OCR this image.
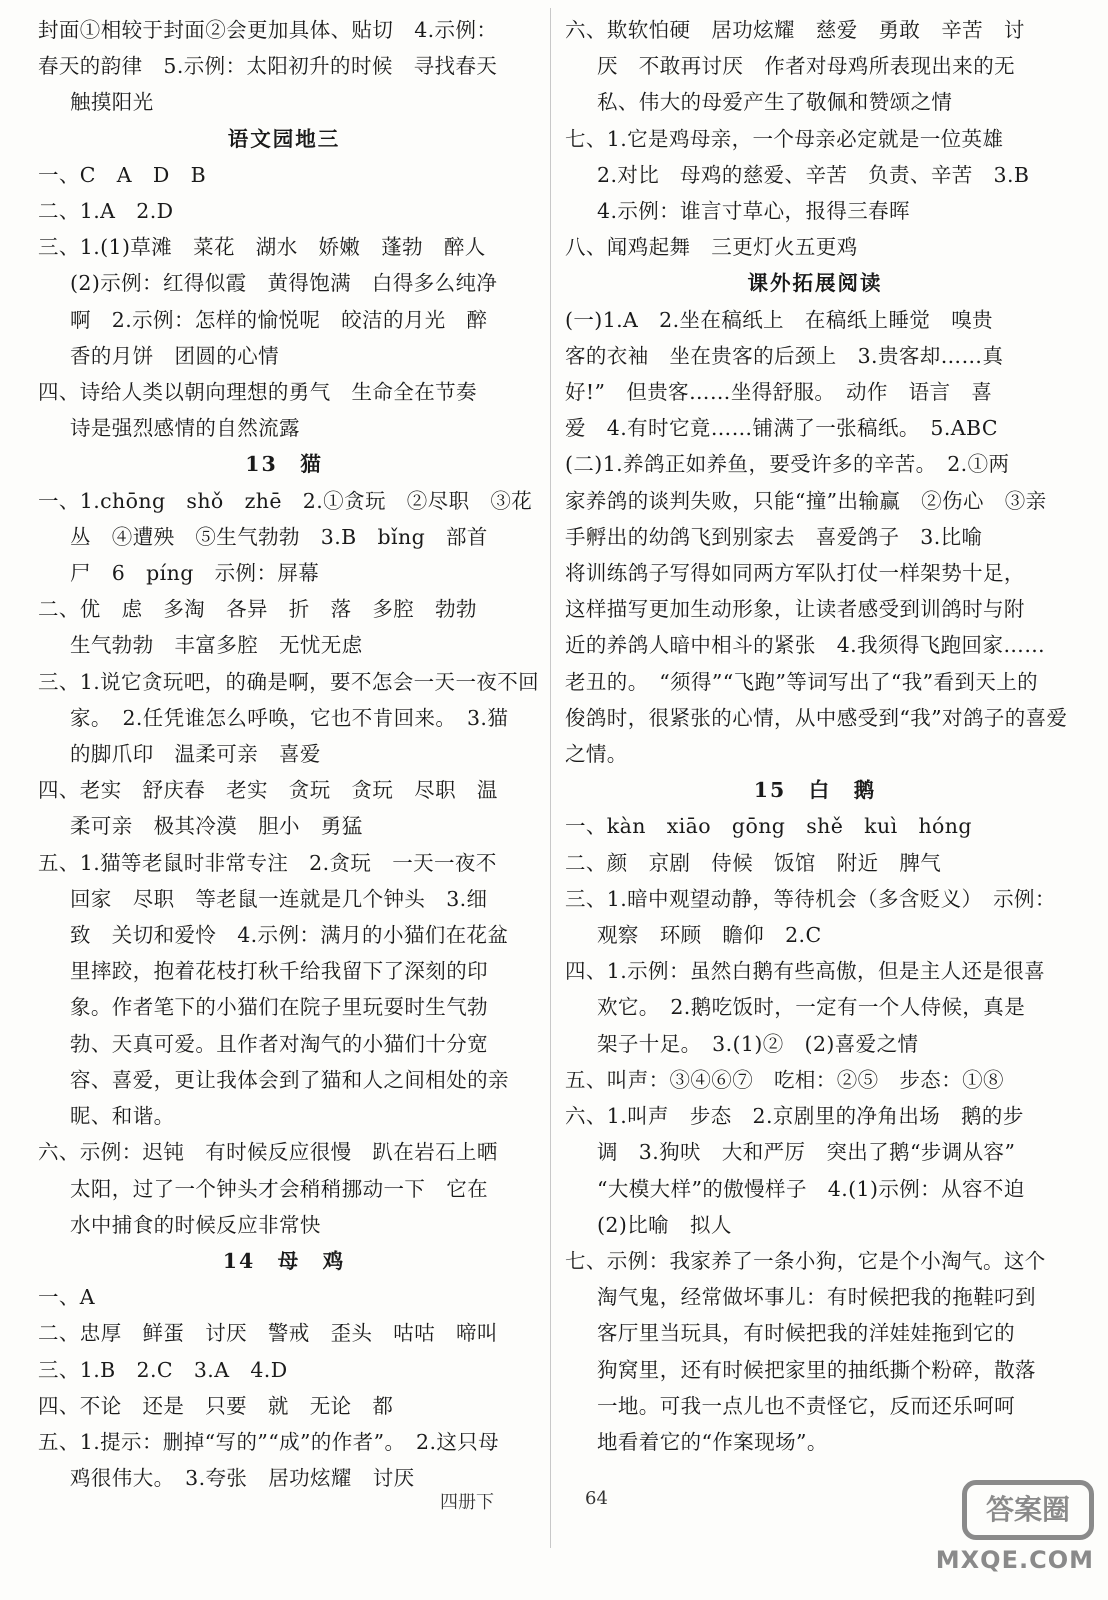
封面①相较于封面②会更加具体、贴切　4.示例：
春天的韵律　5.示例：太阳初升的时候　寻找春天
触摸阳光
语文园地三
一、C　A　D　B
二、1.A　2.D
三、1.(1)草滩　菜花　湖水　娇嫩　蓬勃　醉人
(2)示例：红得似霞　黄得饱满　白得多么纯净
啊　2.示例：怎样的愉悦呢　皎洁的月光　醉
香的月饼　团圆的心情
四、诗给人类以朝向理想的勇气　生命全在节奏
诗是强烈感情的自然流露
13　猫
一、1.chōng　shǒ　zhē　2.①贪玩　②尽职　③花
丛　④遭殃　⑤生气勃勃　3.B　bǐng　部首
尸　6　píng　示例：屏幕
二、优　虑　多淘　各异　折　落　多腔　勃勃
生气勃勃　丰富多腔　无忧无虑
三、1.说它贪玩吧，的确是啊，要不怎会一天一夜不回
家。　2.任凭谁怎么呼唤，它也不肯回来。　3.猫
的脚爪印　温柔可亲　喜爱
四、老实　舒庆春　老实　贪玩　贪玩　尽职　温
柔可亲　极其冷漠　胆小　勇猛
五、1.猫等老鼠时非常专注　2.贪玩　一天一夜不
回家　尽职　等老鼠一连就是几个钟头　3.细
致　关切和爱怜　4.示例：满月的小猫们在花盆
里摔跤，抱着花枝打秋千给我留下了深刻的印
象。作者笔下的小猫们在院子里玩耍时生气勃
勃、天真可爱。且作者对淘气的小猫们十分宽
容、喜爱，更让我体会到了猫和人之间相处的亲
昵、和谐。
六、示例：迟钝　有时候反应很慢　趴在岩石上晒
太阳，过了一个钟头才会稍稍挪动一下　它在
水中捕食的时候反应非常快
14　母　鸡
一、A
二、忠厚　鲜蛋　讨厌　警戒　歪头　咕咕　啼叫
三、1.B　2.C　3.A　4.D
四、不论　还是　只要　就　无论　都
五、1.提示：删掉“写的”“成”的作者”。　2.这只母
鸡很伟大。　3.夸张　居功炫耀　讨厌
六、欺软怕硬　居功炫耀　慈爱　勇敢　辛苦　讨
厌　不敢再讨厌　作者对母鸡所表现出来的无
私、伟大的母爱产生了敬佩和赞颂之情
七、1.它是鸡母亲，一个母亲必定就是一位英雄
2.对比　母鸡的慈爱、辛苦　负责、辛苦　3.B
4.示例：谁言寸草心，报得三春晖
八、闻鸡起舞　三更灯火五更鸡
课外拓展阅读
(一)1.A　2.坐在稿纸上　在稿纸上睡觉　嗅贵
客的衣袖　坐在贵客的后颈上　3.贵客却……真
好!”　但贵客……坐得舒服。　动作　语言　喜
爱　4.有时它竟……铺满了一张稿纸。　5.ABC
(二)1.养鸽正如养鱼，要受许多的辛苦。　2.①两
家养鸽的谈判失败，只能“撞”出输赢　②伤心　③亲
手孵出的幼鸽飞到别家去　喜爱鸽子　3.比喻
将训练鸽子写得如同两方军队打仗一样架势十足，
这样描写更加生动形象，让读者感受到训鸽时与附
近的养鸽人暗中相斗的紧张　4.我须得飞跑回家……
老丑的。　“须得”“飞跑”等词写出了“我”看到天上的
俊鸽时，很紧张的心情，从中感受到“我”对鸽子的喜爱
之情。
15　白　鹅
一、kàn　xiāo　gōng　shě　kuì　hóng
二、颜　京剧　侍候　饭馆　附近　脾气
三、1.暗中观望动静，等待机会（多含贬义）　示例：
观察　环顾　瞻仰　2.C
四、1.示例：虽然白鹅有些高傲，但是主人还是很喜
欢它。　2.鹅吃饭时，一定有一个人侍候，真是
架子十足。　3.(1)②　(2)喜爱之情
五、叫声：③④⑥⑦　吃相：②⑤　步态：①⑧
六、1.叫声　步态　2.京剧里的净角出场　鹅的步
调　3.狗吠　大和严厉　突出了鹅“步调从容”
“大模大样”的傲慢样子　4.(1)示例：从容不迫
(2)比喻　拟人
七、示例：我家养了一条小狗，它是个小淘气。这个
淘气鬼，经常做坏事儿：有时候把我的拖鞋叼到
客厅里当玩具，有时候把我的洋娃娃拖到它的
狗窝里，还有时候把家里的抽纸撕个粉碎，散落
一地。可我一点儿也不责怪它，反而还乐呵呵
地看着它的“作案现场”。
四册下	64	答案圈
MXQE.COM
